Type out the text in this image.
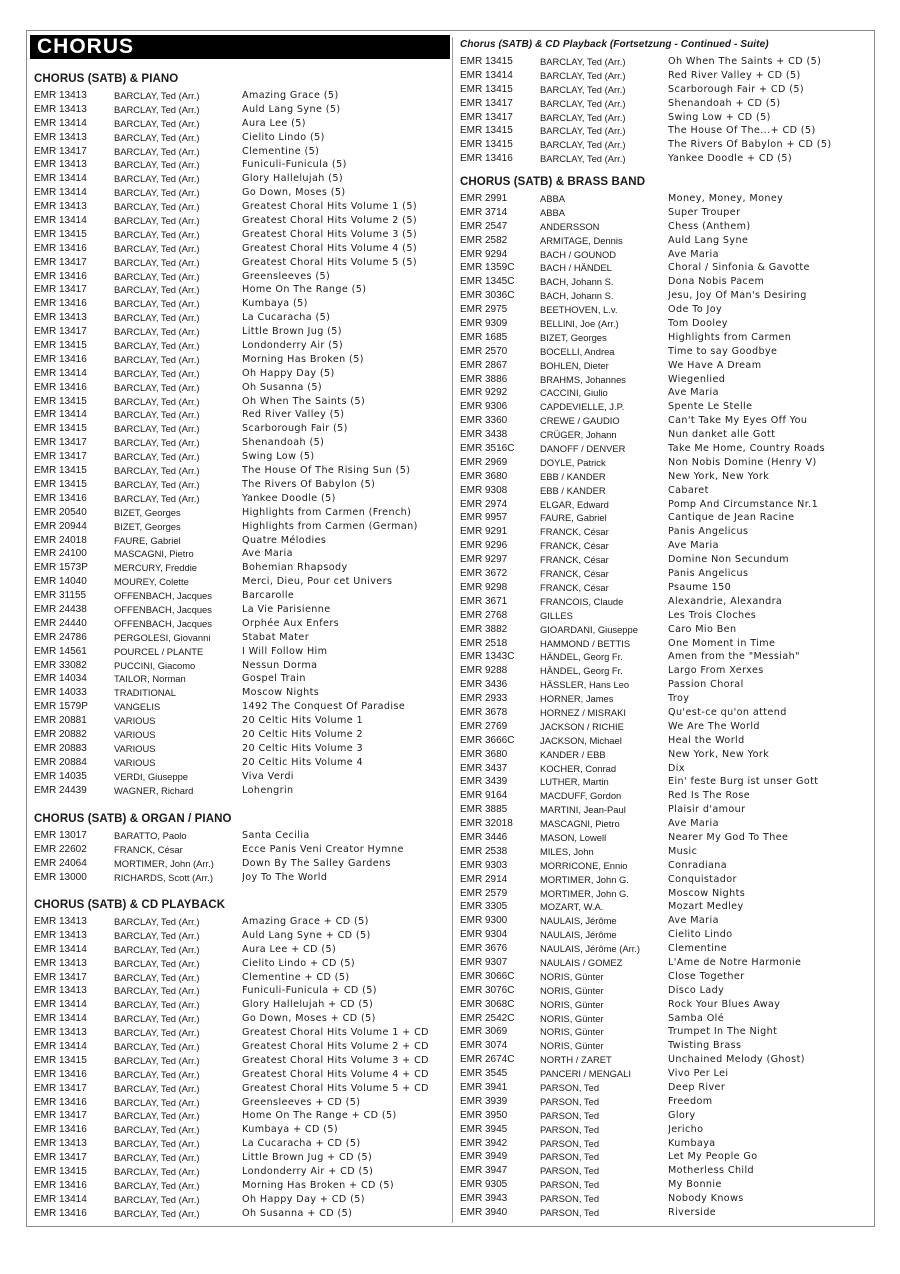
CHORUS
CHORUS (SATB) & PIANO
EMR 13413	BARCLAY, Ted (Arr.)	Amazing Grace (5)
EMR 13413	BARCLAY, Ted (Arr.)	Auld Lang Syne (5)
EMR 13414	BARCLAY, Ted (Arr.)	Aura Lee (5)
EMR 13413	BARCLAY, Ted (Arr.)	Cielito Lindo (5)
EMR 13417	BARCLAY, Ted (Arr.)	Clementine (5)
EMR 13413	BARCLAY, Ted (Arr.)	Funiculi-Funicula (5)
EMR 13414	BARCLAY, Ted (Arr.)	Glory Hallelujah (5)
EMR 13414	BARCLAY, Ted (Arr.)	Go Down, Moses (5)
EMR 13413	BARCLAY, Ted (Arr.)	Greatest Choral Hits Volume 1 (5)
EMR 13414	BARCLAY, Ted (Arr.)	Greatest Choral Hits Volume 2 (5)
EMR 13415	BARCLAY, Ted (Arr.)	Greatest Choral Hits Volume 3 (5)
EMR 13416	BARCLAY, Ted (Arr.)	Greatest Choral Hits Volume 4 (5)
EMR 13417	BARCLAY, Ted (Arr.)	Greatest Choral Hits Volume 5 (5)
EMR 13416	BARCLAY, Ted (Arr.)	Greensleeves (5)
EMR 13417	BARCLAY, Ted (Arr.)	Home On The Range (5)
EMR 13416	BARCLAY, Ted (Arr.)	Kumbaya (5)
EMR 13413	BARCLAY, Ted (Arr.)	La Cucaracha (5)
EMR 13417	BARCLAY, Ted (Arr.)	Little Brown Jug (5)
EMR 13415	BARCLAY, Ted (Arr.)	Londonderry Air (5)
EMR 13416	BARCLAY, Ted (Arr.)	Morning Has Broken (5)
EMR 13414	BARCLAY, Ted (Arr.)	Oh Happy Day (5)
EMR 13416	BARCLAY, Ted (Arr.)	Oh Susanna (5)
EMR 13415	BARCLAY, Ted (Arr.)	Oh When The Saints (5)
EMR 13414	BARCLAY, Ted (Arr.)	Red River Valley (5)
EMR 13415	BARCLAY, Ted (Arr.)	Scarborough Fair (5)
EMR 13417	BARCLAY, Ted (Arr.)	Shenandoah (5)
EMR 13417	BARCLAY, Ted (Arr.)	Swing Low (5)
EMR 13415	BARCLAY, Ted (Arr.)	The House Of The Rising Sun (5)
EMR 13415	BARCLAY, Ted (Arr.)	The Rivers Of Babylon (5)
EMR 13416	BARCLAY, Ted (Arr.)	Yankee Doodle (5)
EMR 20540	BIZET, Georges	Highlights from Carmen (French)
EMR 20944	BIZET, Georges	Highlights from Carmen (German)
EMR 24018	FAURE, Gabriel	Quatre Mélodies
EMR 24100	MASCAGNI, Pietro	Ave Maria
EMR 1573P	MERCURY, Freddie	Bohemian Rhapsody
EMR 14040	MOUREY, Colette	Merci, Dieu, Pour cet Univers
EMR 31155	OFFENBACH, Jacques	Barcarolle
EMR 24438	OFFENBACH, Jacques	La Vie Parisienne
EMR 24440	OFFENBACH, Jacques	Orphée Aux Enfers
EMR 24786	PERGOLESI, Giovanni	Stabat Mater
EMR 14561	POURCEL / PLANTE	I Will Follow Him
EMR 33082	PUCCINI, Giacomo	Nessun Dorma
EMR 14034	TAILOR, Norman	Gospel Train
EMR 14033	TRADITIONAL	Moscow Nights
EMR 1579P	VANGELIS	1492 The Conquest Of Paradise
EMR 20881	VARIOUS	20 Celtic Hits Volume 1
EMR 20882	VARIOUS	20 Celtic Hits Volume 2
EMR 20883	VARIOUS	20 Celtic Hits Volume 3
EMR 20884	VARIOUS	20 Celtic Hits Volume 4
EMR 14035	VERDI, Giuseppe	Viva Verdi
EMR 24439	WAGNER, Richard	Lohengrin
CHORUS (SATB) & ORGAN / PIANO
EMR 13017	BARATTO, Paolo	Santa Cecilia
EMR 22602	FRANCK, César	Ecce Panis Veni Creator Hymne
EMR 24064	MORTIMER, John (Arr.)	Down By The Salley Gardens
EMR 13000	RICHARDS, Scott (Arr.)	Joy To The World
CHORUS (SATB) & CD PLAYBACK
EMR 13413	BARCLAY, Ted (Arr.)	Amazing Grace + CD (5)
EMR 13413	BARCLAY, Ted (Arr.)	Auld Lang Syne + CD (5)
EMR 13414	BARCLAY, Ted (Arr.)	Aura Lee + CD (5)
EMR 13413	BARCLAY, Ted (Arr.)	Cielito Lindo + CD (5)
EMR 13417	BARCLAY, Ted (Arr.)	Clementine + CD (5)
EMR 13413	BARCLAY, Ted (Arr.)	Funiculi-Funicula + CD (5)
EMR 13414	BARCLAY, Ted (Arr.)	Glory Hallelujah + CD (5)
EMR 13414	BARCLAY, Ted (Arr.)	Go Down, Moses + CD (5)
EMR 13413	BARCLAY, Ted (Arr.)	Greatest Choral Hits Volume 1 + CD
EMR 13414	BARCLAY, Ted (Arr.)	Greatest Choral Hits Volume 2 + CD
EMR 13415	BARCLAY, Ted (Arr.)	Greatest Choral Hits Volume 3 + CD
EMR 13416	BARCLAY, Ted (Arr.)	Greatest Choral Hits Volume 4 + CD
EMR 13417	BARCLAY, Ted (Arr.)	Greatest Choral Hits Volume 5 + CD
EMR 13416	BARCLAY, Ted (Arr.)	Greensleeves + CD (5)
EMR 13417	BARCLAY, Ted (Arr.)	Home On The Range + CD (5)
EMR 13416	BARCLAY, Ted (Arr.)	Kumbaya + CD (5)
EMR 13413	BARCLAY, Ted (Arr.)	La Cucaracha + CD (5)
EMR 13417	BARCLAY, Ted (Arr.)	Little Brown Jug + CD (5)
EMR 13415	BARCLAY, Ted (Arr.)	Londonderry Air + CD (5)
EMR 13416	BARCLAY, Ted (Arr.)	Morning Has Broken + CD (5)
EMR 13414	BARCLAY, Ted (Arr.)	Oh Happy Day + CD (5)
EMR 13416	BARCLAY, Ted (Arr.)	Oh Susanna + CD (5)
Chorus (SATB) & CD Playback (Fortsetzung - Continued - Suite)
EMR 13415	BARCLAY, Ted (Arr.)	Oh When The Saints + CD (5)
EMR 13414	BARCLAY, Ted (Arr.)	Red River Valley + CD (5)
EMR 13415	BARCLAY, Ted (Arr.)	Scarborough Fair + CD (5)
EMR 13417	BARCLAY, Ted (Arr.)	Shenandoah + CD (5)
EMR 13417	BARCLAY, Ted (Arr.)	Swing Low + CD (5)
EMR 13415	BARCLAY, Ted (Arr.)	The House Of The...+ CD (5)
EMR 13415	BARCLAY, Ted (Arr.)	The Rivers Of Babylon + CD (5)
EMR 13416	BARCLAY, Ted (Arr.)	Yankee Doodle + CD (5)
CHORUS (SATB) & BRASS BAND
EMR 2991	ABBA	Money, Money, Money
EMR 3714	ABBA	Super Trouper
EMR 2547	ANDERSSON	Chess (Anthem)
EMR 2582	ARMITAGE, Dennis	Auld Lang Syne
EMR 9294	BACH / GOUNOD	Ave Maria
EMR 1359C	BACH / HÄNDEL	Choral / Sinfonia & Gavotte
EMR 1345C	BACH, Johann S.	Dona Nobis Pacem
EMR 3036C	BACH, Johann S.	Jesu, Joy Of Man's Desiring
EMR 2975	BEETHOVEN, L.v.	Ode To Joy
EMR 9309	BELLINI, Joe (Arr.)	Tom Dooley
EMR 1685	BIZET, Georges	Highlights from Carmen
EMR 2570	BOCELLI, Andrea	Time to say Goodbye
EMR 2867	BOHLEN, Dieter	We Have A Dream
EMR 3886	BRAHMS, Johannes	Wiegenlied
EMR 9292	CACCINI, Giulio	Ave Maria
EMR 9306	CAPDEVIELLE, J.P.	Spente Le Stelle
EMR 3360	CREWE / GAUDIO	Can't Take My Eyes Off You
EMR 3438	CRÜGER, Johann	Nun danket alle Gott
EMR 3516C	DANOFF / DENVER	Take Me Home, Country Roads
EMR 2969	DOYLE, Patrick	Non Nobis Domine (Henry V)
EMR 3680	EBB / KANDER	New York, New York
EMR 9308	EBB / KANDER	Cabaret
EMR 2974	ELGAR, Edward	Pomp And Circumstance Nr.1
EMR 9957	FAURE, Gabriel	Cantique de Jean Racine
EMR 9291	FRANCK, César	Panis Angelicus
EMR 9296	FRANCK, César	Ave Maria
EMR 9297	FRANCK, César	Domine Non Secundum
EMR 3672	FRANCK, César	Panis Angelicus
EMR 9298	FRANCK, César	Psaume 150
EMR 3671	FRANCOIS, Claude	Alexandrie, Alexandra
EMR 2768	GILLES	Les Trois Cloches
EMR 3882	GIOARDANI, Giuseppe	Caro Mio Ben
EMR 2518	HAMMOND / BETTIS	One Moment in Time
EMR 1343C	HÄNDEL, Georg Fr.	Amen from the "Messiah"
EMR 9288	HÄNDEL, Georg Fr.	Largo From Xerxes
EMR 3436	HÄSSLER, Hans Leo	Passion Choral
EMR 2933	HORNER, James	Troy
EMR 3678	HORNEZ / MISRAKI	Qu'est-ce qu'on attend
EMR 2769	JACKSON / RICHIE	We Are The World
EMR 3666C	JACKSON, Michael	Heal the World
EMR 3680	KANDER / EBB	New York, New York
EMR 3437	KOCHER, Conrad	Dix
EMR 3439	LUTHER, Martin	Ein' feste Burg ist unser Gott
EMR 9164	MACDUFF, Gordon	Red Is The Rose
EMR 3885	MARTINI, Jean-Paul	Plaisir d'amour
EMR 32018	MASCAGNI, Pietro	Ave Maria
EMR 3446	MASON, Lowell	Nearer My God To Thee
EMR 2538	MILES, John	Music
EMR 9303	MORRICONE, Ennio	Conradiana
EMR 2914	MORTIMER, John G.	Conquistador
EMR 2579	MORTIMER, John G.	Moscow Nights
EMR 3305	MOZART, W.A.	Mozart Medley
EMR 9300	NAULAIS, Jérôme	Ave Maria
EMR 9304	NAULAIS, Jérôme	Cielito Lindo
EMR 3676	NAULAIS, Jérôme (Arr.)	Clementine
EMR 9307	NAULAIS / GOMEZ	L'Ame de Notre Harmonie
EMR 3066C	NORIS, Günter	Close Together
EMR 3076C	NORIS, Günter	Disco Lady
EMR 3068C	NORIS, Günter	Rock Your Blues Away
EMR 2542C	NORIS, Günter	Samba Olé
EMR 3069	NORIS, Günter	Trumpet In The Night
EMR 3074	NORIS, Günter	Twisting Brass
EMR 2674C	NORTH / ZARET	Unchained Melody (Ghost)
EMR 3545	PANCERI / MENGALI	Vivo Per Lei
EMR 3941	PARSON, Ted	Deep River
EMR 3939	PARSON, Ted	Freedom
EMR 3950	PARSON, Ted	Glory
EMR 3945	PARSON, Ted	Jericho
EMR 3942	PARSON, Ted	Kumbaya
EMR 3949	PARSON, Ted	Let My People Go
EMR 3947	PARSON, Ted	Motherless Child
EMR 9305	PARSON, Ted	My Bonnie
EMR 3943	PARSON, Ted	Nobody Knows
EMR 3940	PARSON, Ted	Riverside
